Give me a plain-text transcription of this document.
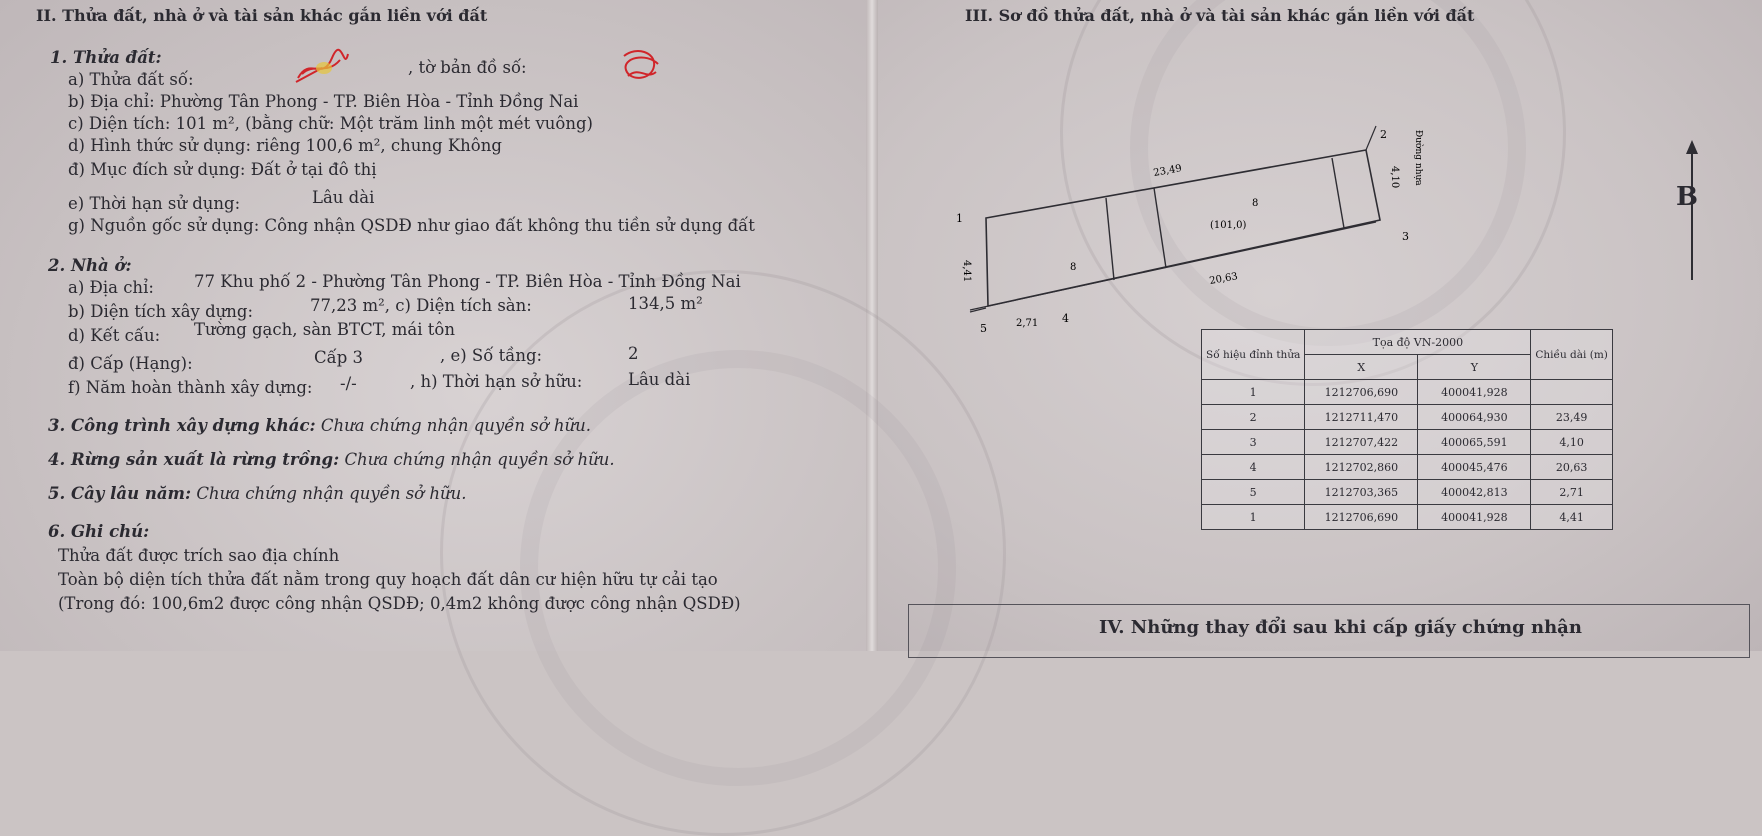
II. Thửa đất, nhà ở và tài sản khác gắn liền với đất
1. Thửa đất:
a) Thửa đất số:
, tờ bản đồ số:
b) Địa chỉ: Phường Tân Phong - TP. Biên Hòa - Tỉnh Đồng Nai
c) Diện tích: 101 m², (bằng chữ: Một trăm linh một mét vuông)
d) Hình thức sử dụng: riêng 100,6 m², chung Không
đ) Mục đích sử dụng: Đất ở tại đô thị
e) Thời hạn sử dụng:	Lâu dài
g) Nguồn gốc sử dụng: Công nhận QSDĐ như giao đất không thu tiền sử dụng đất
2. Nhà ở:
a) Địa chỉ: 77 Khu phố 2 - Phường Tân Phong - TP. Biên Hòa - Tỉnh Đồng Nai
b) Diện tích xây dựng:	77,23 m², c) Diện tích sàn:	134,5 m²
d) Kết cấu: Tường gạch, sàn BTCT, mái tôn
đ) Cấp (Hạng):	Cấp 3	, e) Số tầng:	2
f) Năm hoàn thành xây dựng: -/-	, h) Thời hạn sở hữu:	Lâu dài
3. Công trình xây dựng khác: Chưa chứng nhận quyền sở hữu.
4. Rừng sản xuất là rừng trồng: Chưa chứng nhận quyền sở hữu.
5. Cây lâu năm: Chưa chứng nhận quyền sở hữu.
6. Ghi chú:
Thửa đất được trích sao địa chính
Toàn bộ diện tích thửa đất nằm trong quy hoạch đất dân cư hiện hữu tự cải tạo
(Trong đó: 100,6m2 được công nhận QSDĐ; 0,4m2 không được công nhận QSDĐ)
III. Sơ đồ thửa đất, nhà ở và tài sản khác gắn liền với đất
1
2
3
4
5
23,49
20,63
4,41
4,10
2,71
(101,0)
8
8
Đường nhựa
B
Số hiệu đỉnh thửa	Tọa độ VN-2000		Chiều dài (m)
	X	Y	
1	1212706,690	400041,928	
2	1212711,470	400064,930	23,49
3	1212707,422	400065,591	4,10
4	1212702,860	400045,476	20,63
5	1212703,365	400042,813	2,71
1	1212706,690	400041,928	4,41
IV. Những thay đổi sau khi cấp giấy chứng nhận
